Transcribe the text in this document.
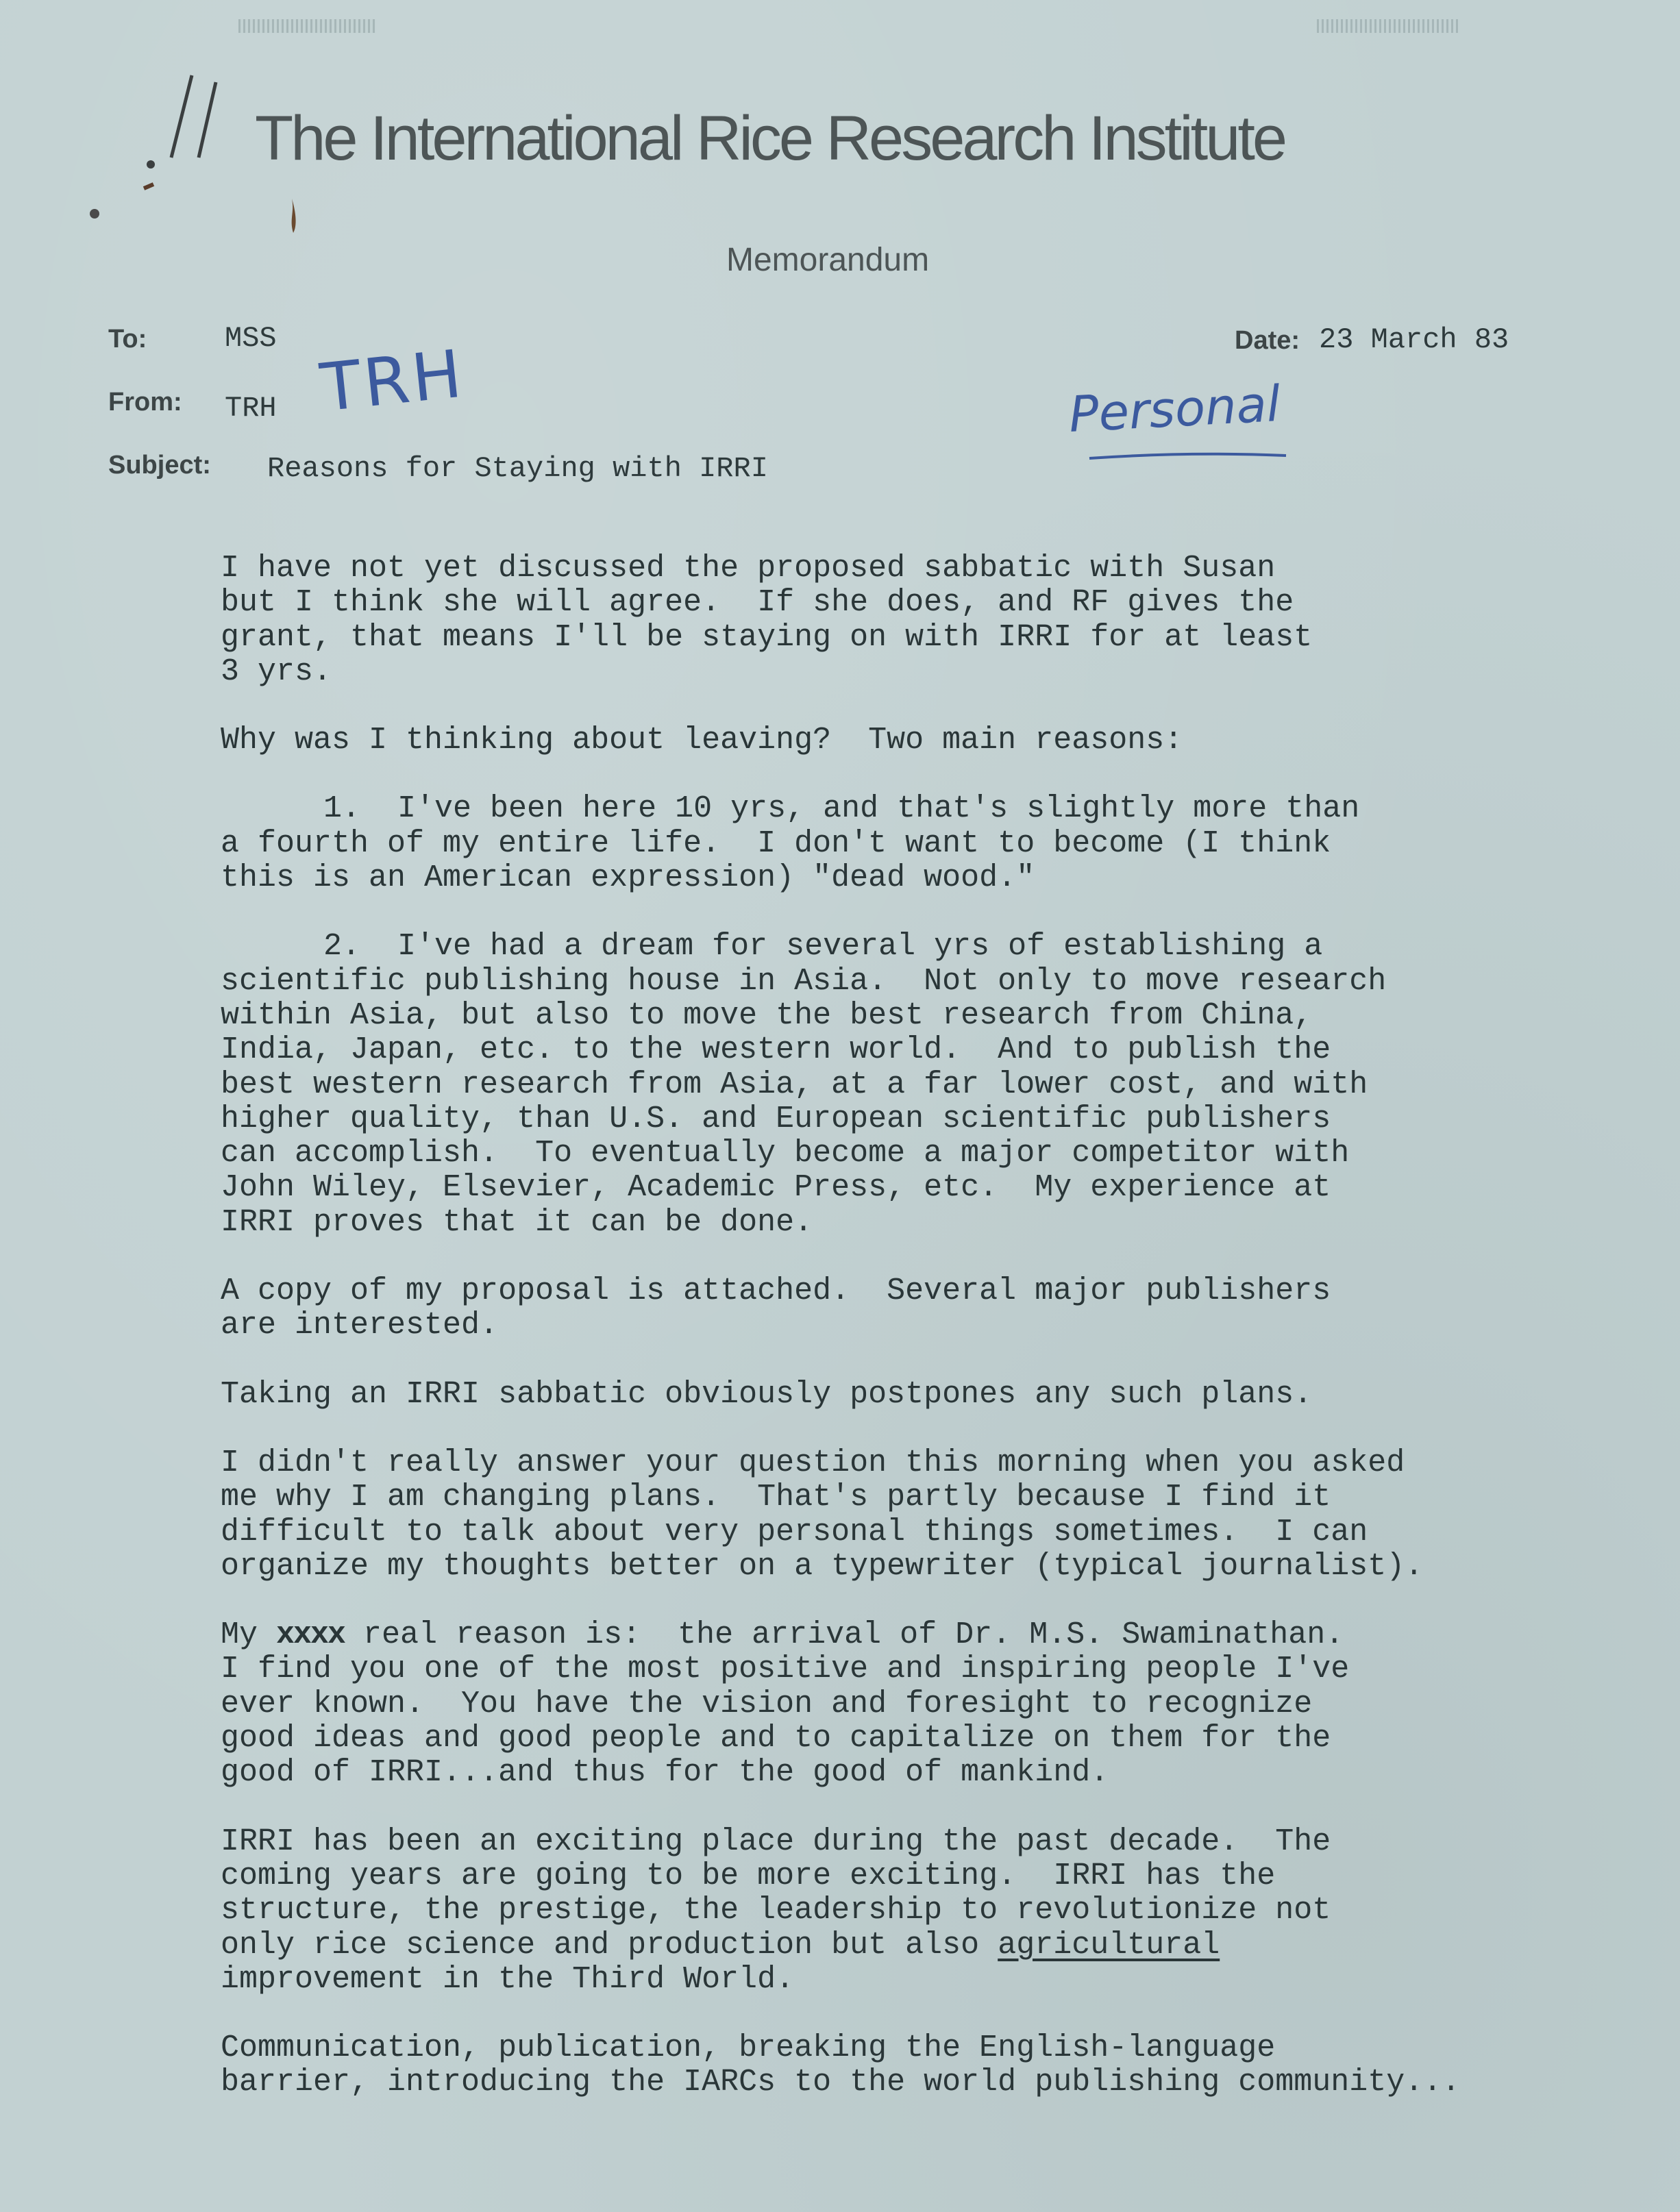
The International Rice Research Institute
Memorandum
To:	MSS
From: TRH TRH
Subject: Reasons for Staying with IRRI
Date: 23 March 83
Personal
I have not yet discussed the proposed sabbatic with Susan
but I think she will agree.  If she does, and RF gives the
grant, that means I'll be staying on with IRRI for at least
3 yrs.
Why was I thinking about leaving?  Two main reasons:
1.  I've been here 10 yrs, and that's slightly more than
a fourth of my entire life.  I don't want to become (I think
this is an American expression) "dead wood."
2.  I've had a dream for several yrs of establishing a
scientific publishing house in Asia.  Not only to move research
within Asia, but also to move the best research from China,
India, Japan, etc. to the western world.  And to publish the
best western research from Asia, at a far lower cost, and with
higher quality, than U.S. and European scientific publishers
can accomplish.  To eventually become a major competitor with
John Wiley, Elsevier, Academic Press, etc.  My experience at
IRRI proves that it can be done.
A copy of my proposal is attached.  Several major publishers
are interested.
Taking an IRRI sabbatic obviously postpones any such plans.
I didn't really answer your question this morning when you asked
me why I am changing plans.  That's partly because I find it
difficult to talk about very personal things sometimes.  I can
organize my thoughts better on a typewriter (typical journalist).
My xxxx real reason is:  the arrival of Dr. M.S. Swaminathan.
I find you one of the most positive and inspiring people I've
ever known.  You have the vision and foresight to recognize
good ideas and good people and to capitalize on them for the
good of IRRI...and thus for the good of mankind.
IRRI has been an exciting place during the past decade.  The
coming years are going to be more exciting.  IRRI has the
structure, the prestige, the leadership to revolutionize not
only rice science and production but also agricultural
improvement in the Third World.
Communication, publication, breaking the English-language
barrier, introducing the IARCs to the world publishing community...
